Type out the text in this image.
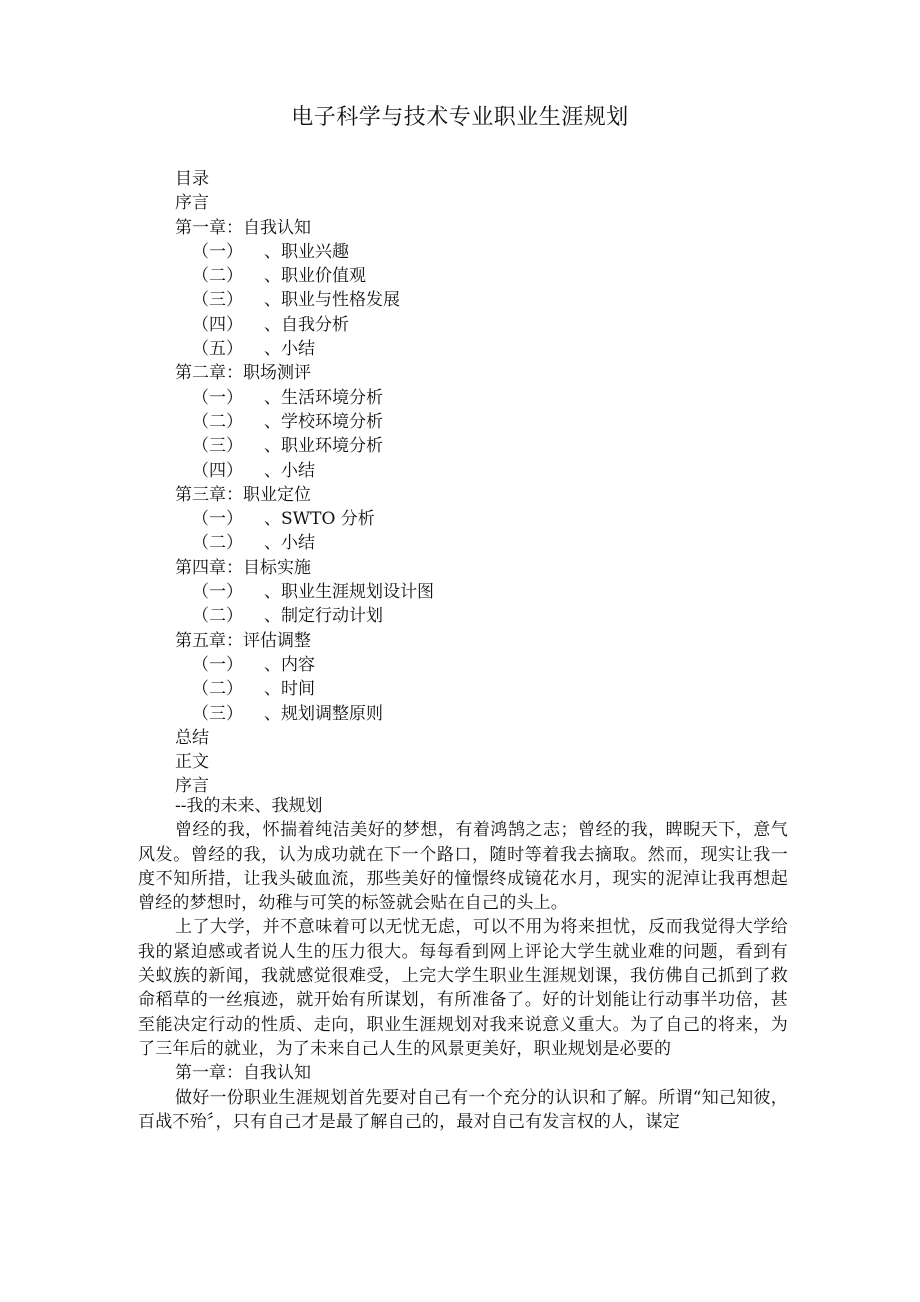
电子科学与技术专业职业生涯规划
目录
序言
第一章：自我认知
（一） 、职业兴趣
（二） 、职业价值观
（三） 、职业与性格发展
（四） 、自我分析
（五） 、小结
第二章：职场测评
（一） 、生活环境分析
（二） 、学校环境分析
（三） 、职业环境分析
（四） 、小结
第三章：职业定位
（一） 、SWTO 分析
（二） 、小结
第四章：目标实施
（一） 、职业生涯规划设计图
（二） 、制定行动计划
第五章：评估调整
（一） 、内容
（二） 、时间
（三） 、规划调整原则
总结
正文
序言
--我的未来、我规划

曾经的我，怀揣着纯洁美好的梦想，有着鸿鹄之志；曾经的我，睥睨天下，意气风发。曾经的我，认为成功就在下一个路口，随时等着我去摘取。然而，现实让我一度不知所措，让我头破血流，那些美好的憧憬终成镜花水月，现实的泥淖让我再想起曾经的梦想时，幼稚与可笑的标签就会贴在自己的头上。

上了大学，并不意味着可以无忧无虑，可以不用为将来担忧，反而我觉得大学给我的紧迫感或者说人生的压力很大。每每看到网上评论大学生就业难的问题，看到有关蚁族的新闻，我就感觉很难受，上完大学生职业生涯规划课，我仿佛自己抓到了救命稻草的一丝痕迹，就开始有所谋划，有所准备了。好的计划能让行动事半功倍，甚至能决定行动的性质、走向，职业生涯规划对我来说意义重大。为了自己的将来，为了三年后的就业，为了未来自己人生的风景更美好，职业规划是必要的

第一章：自我认知

做好一份职业生涯规划首先要对自己有一个充分的认识和了解。所谓“知己知彼，百战不殆〞，只有自己才是最了解自己的，最对自己有发言权的人，谋定
